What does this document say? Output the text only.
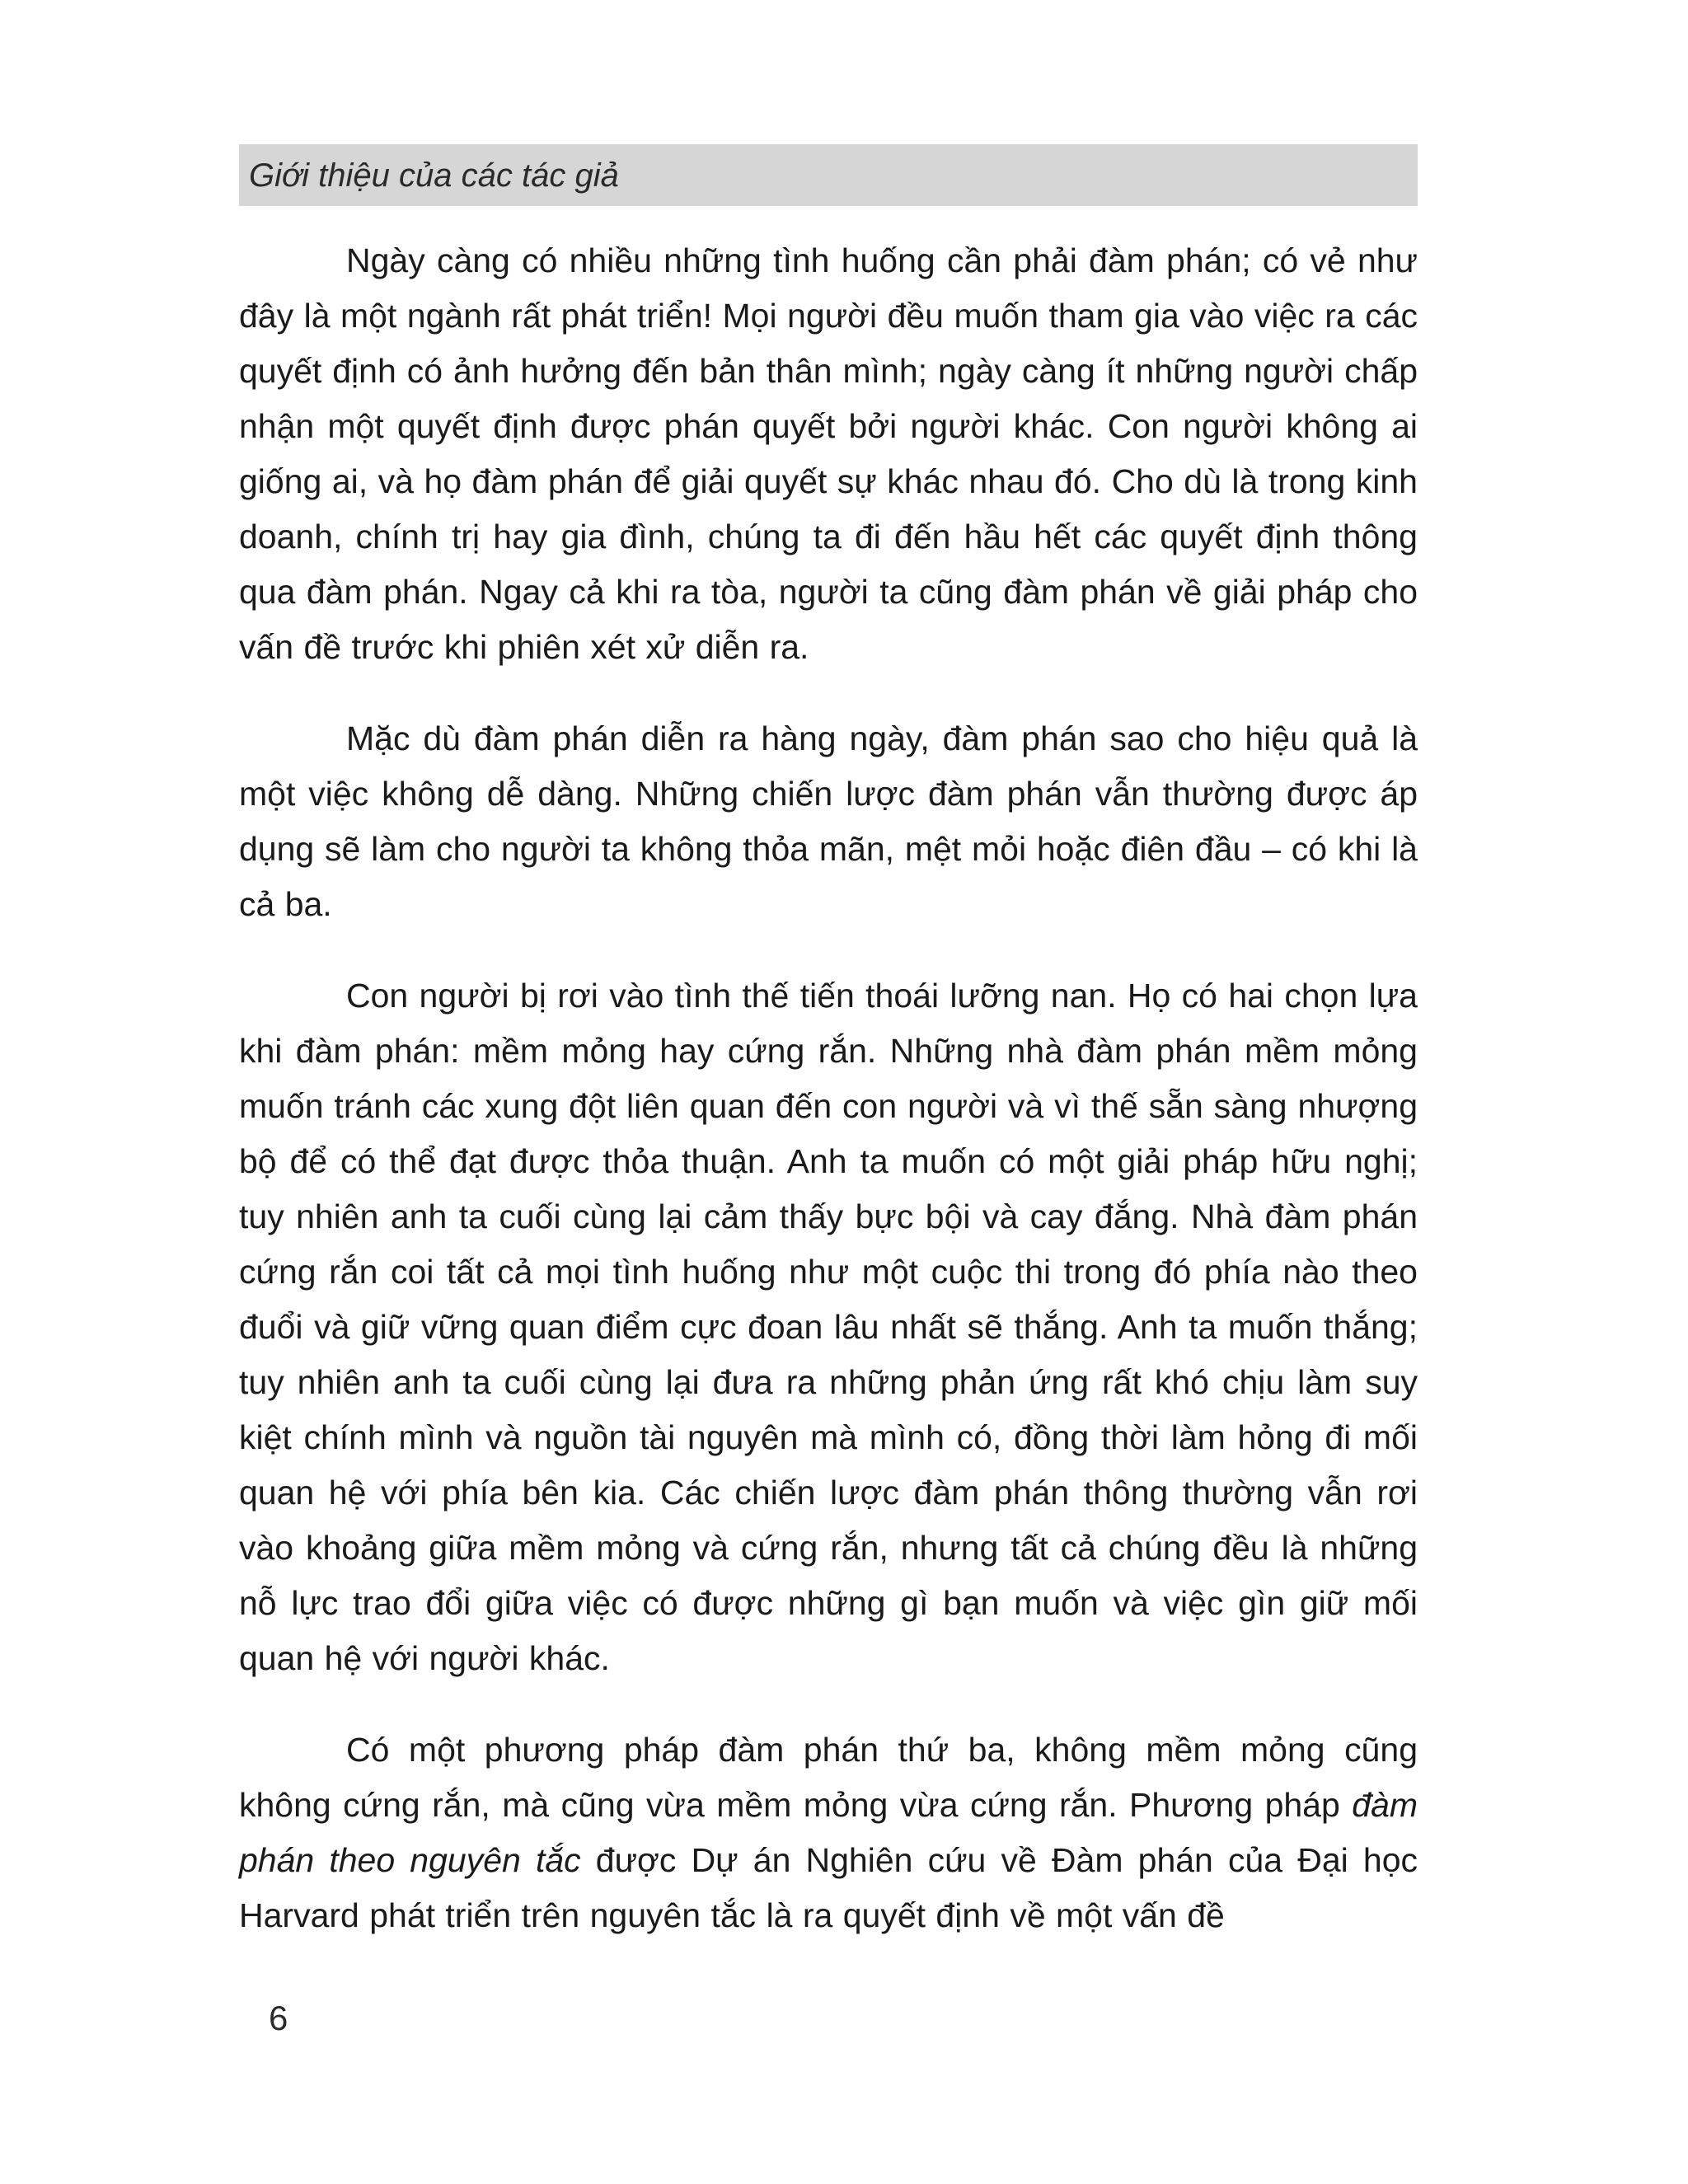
Giới thiệu của các tác giả

Ngày càng có nhiều những tình huống cần phải đàm phán; có vẻ như đây là một ngành rất phát triển! Mọi người đều muốn tham gia vào việc ra các quyết định có ảnh hưởng đến bản thân mình; ngày càng ít những người chấp nhận một quyết định được phán quyết bởi người khác. Con người không ai giống ai, và họ đàm phán để giải quyết sự khác nhau đó. Cho dù là trong kinh doanh, chính trị hay gia đình, chúng ta đi đến hầu hết các quyết định thông qua đàm phán. Ngay cả khi ra tòa, người ta cũng đàm phán về giải pháp cho vấn đề trước khi phiên xét xử diễn ra.

Mặc dù đàm phán diễn ra hàng ngày, đàm phán sao cho hiệu quả là một việc không dễ dàng. Những chiến lược đàm phán vẫn thường được áp dụng sẽ làm cho người ta không thỏa mãn, mệt mỏi hoặc điên đầu – có khi là cả ba.

Con người bị rơi vào tình thế tiến thoái lưỡng nan. Họ có hai chọn lựa khi đàm phán: mềm mỏng hay cứng rắn. Những nhà đàm phán mềm mỏng muốn tránh các xung đột liên quan đến con người và vì thế sẵn sàng nhượng bộ để có thể đạt được thỏa thuận. Anh ta muốn có một giải pháp hữu nghị; tuy nhiên anh ta cuối cùng lại cảm thấy bực bội và cay đắng. Nhà đàm phán cứng rắn coi tất cả mọi tình huống như một cuộc thi trong đó phía nào theo đuổi và giữ vững quan điểm cực đoan lâu nhất sẽ thắng. Anh ta muốn thắng; tuy nhiên anh ta cuối cùng lại đưa ra những phản ứng rất khó chịu làm suy kiệt chính mình và nguồn tài nguyên mà mình có, đồng thời làm hỏng đi mối quan hệ với phía bên kia. Các chiến lược đàm phán thông thường vẫn rơi vào khoảng giữa mềm mỏng và cứng rắn, nhưng tất cả chúng đều là những nỗ lực trao đổi giữa việc có được những gì bạn muốn và việc gìn giữ mối quan hệ với người khác.

Có một phương pháp đàm phán thứ ba, không mềm mỏng cũng không cứng rắn, mà cũng vừa mềm mỏng vừa cứng rắn. Phương pháp đàm phán theo nguyên tắc được Dự án Nghiên cứu về Đàm phán của Đại học Harvard phát triển trên nguyên tắc là ra quyết định về một vấn đề

6
